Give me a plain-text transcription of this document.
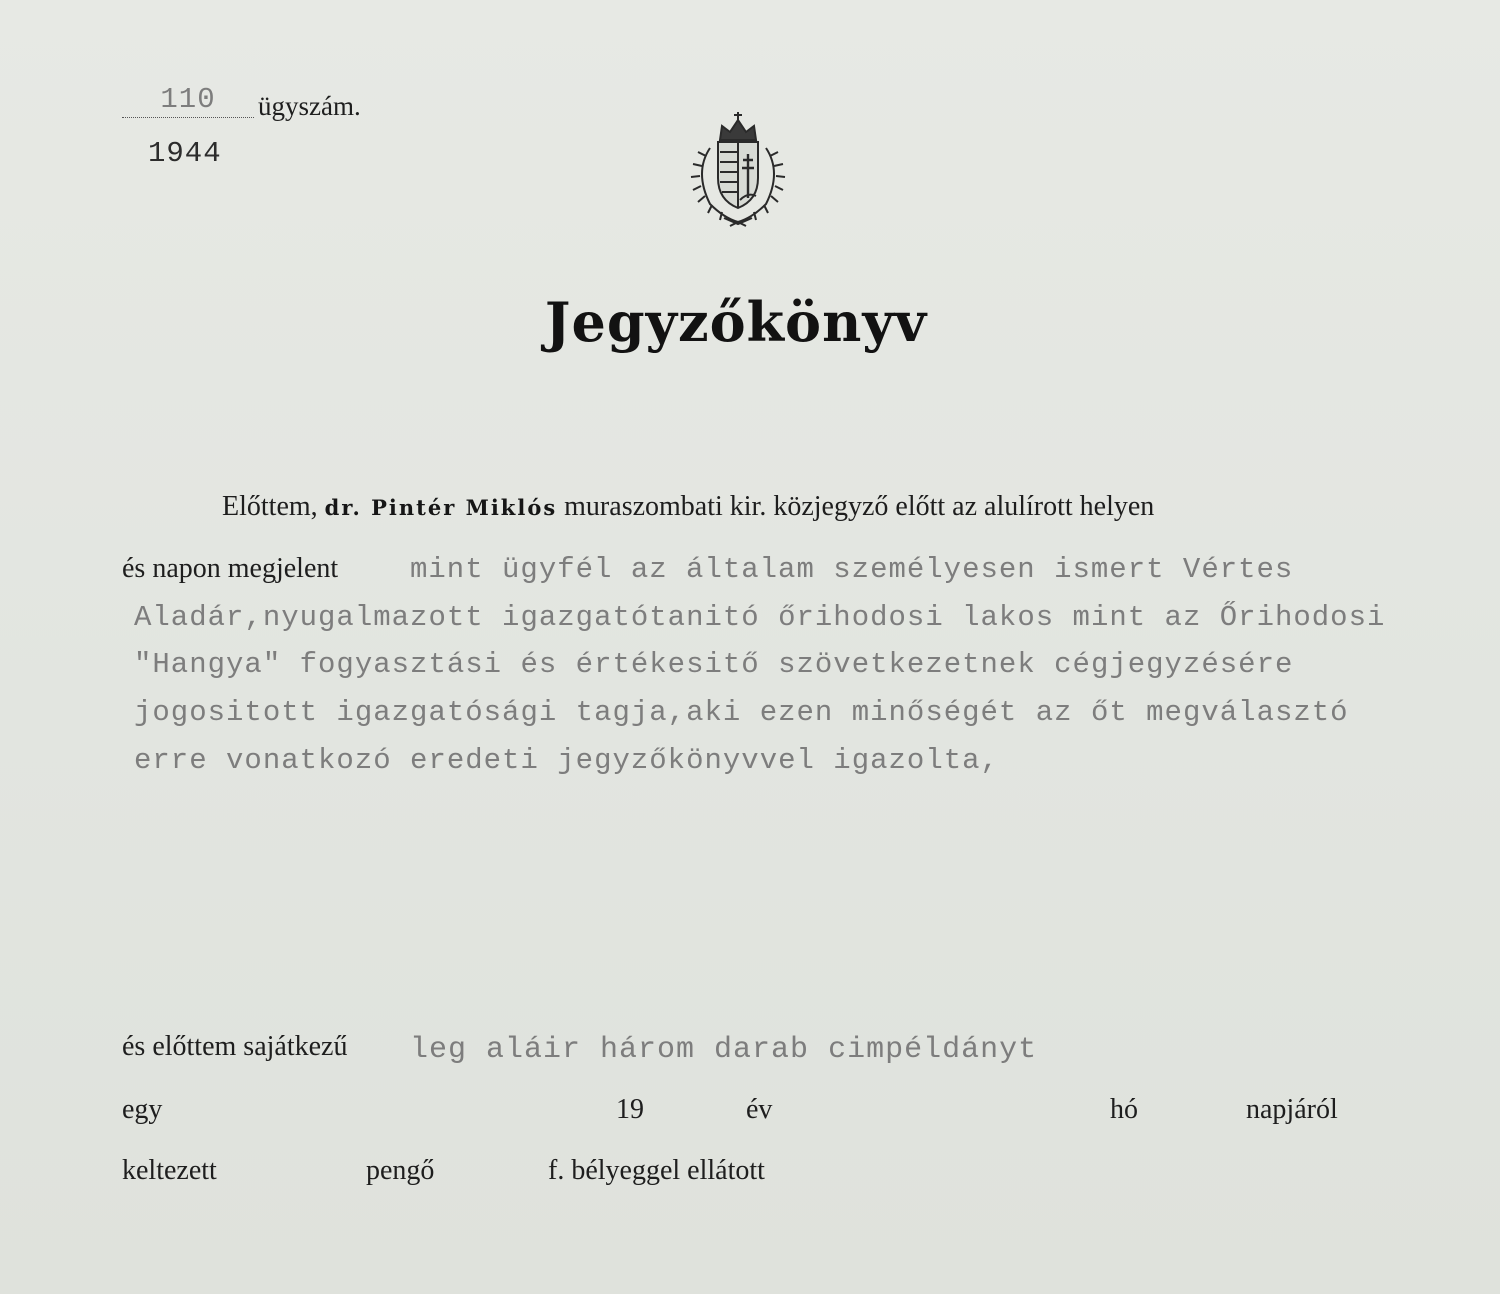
110	ügyszám.
1944
Jegyzőkönyv
Előttem, dr. Pintér Miklós muraszombati kir. közjegyző előtt az alulírott helyen
és napon megjelent mint ügyfél az általam személyesen ismert Vértes
Aladár,nyugalmazott igazgatótanitó őrihodosi lakos mint az Őrihodosi
"Hangya" fogyasztási és értékesitő szövetkezetnek cégjegyzésére
jogositott igazgatósági tagja,aki ezen minőségét az őt megválasztó
erre vonatkozó eredeti jegyzőkönyvvel igazolta,
és előttem sajátkezű leg aláir három darab cimpéldányt
egy	19	év	hó	napjáról
keltezett	pengő	f. bélyeggel ellátott
